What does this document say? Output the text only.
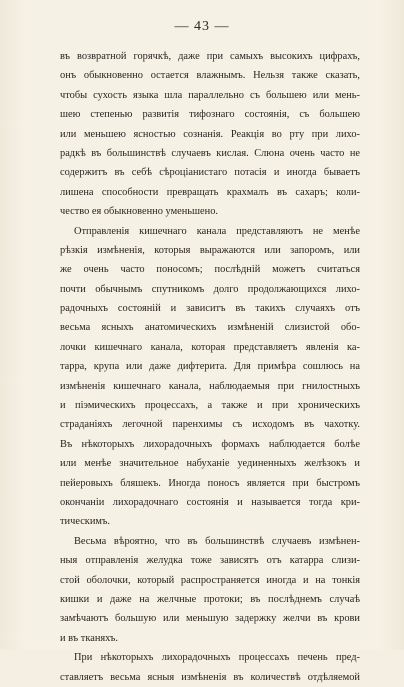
— 43 —
въ возвратной горячкѣ, даже при самыхъ высокихъ цифрахъ,
онъ обыкновенно остается влажнымъ. Нельзя также сказать,
чтобы сухость языка шла параллельно съ большею или мень-
шею степенью развитія тифознаго состоянія, съ большею
или меньшею ясностью сознанія. Реакція во рту при лихо-
радкѣ въ большинствѣ случаевъ кислая. Слюна очень часто не
содержитъ въ себѣ сѣроціанистаго потасія и иногда бываетъ
лишена способности превращать крахмалъ въ сахаръ; коли-
чество ея обыкновенно уменьшено.
Отправленія кишечнаго канала представляютъ не менѣе
рѣзкія измѣненія, которыя выражаются или запоромъ, или
же очень часто поносомъ; послѣдній можетъ считаться
почти обычнымъ спутникомъ долго продолжающихся лихо-
радочныхъ состояній и зависитъ въ такихъ случаяхъ отъ
весьма ясныхъ анатомическихъ измѣненій слизистой обо-
лочки кишечнаго канала, которая представляетъ явленія ка-
тарра, крупа или даже дифтерита. Для примѣра сошлюсь на
измѣненія кишечнаго канала, наблюдаемыя при гнилостныхъ
и піэмическихъ процессахъ, а также и при хроническихъ
страданіяхъ легочной паренхимы съ исходомъ въ чахотку.
Въ нѣкоторыхъ лихорадочныхъ формахъ наблюдается болѣе
или менѣе значительное набуханіе уединенныхъ желѣзокъ и
пейеровыхъ бляшекъ. Иногда поносъ является при быстромъ
окончаніи лихорадочнаго состоянія и называется тогда кри-
тическимъ.
Весьма вѣроятно, что въ большинствѣ случаевъ измѣнен-
ныя отправленія желудка тоже зависятъ отъ катарра слизи-
стой оболочки, который распространяется иногда и на тонкія
кишки и даже на желчные протоки; въ послѣднемъ случаѣ
замѣчаютъ большую или меньшую задержку желчи въ крови
и въ тканяхъ.
При нѣкоторыхъ лихорадочныхъ процессахъ печень пред-
ставляетъ весьма ясныя измѣненія въ количествѣ отдѣляемой
